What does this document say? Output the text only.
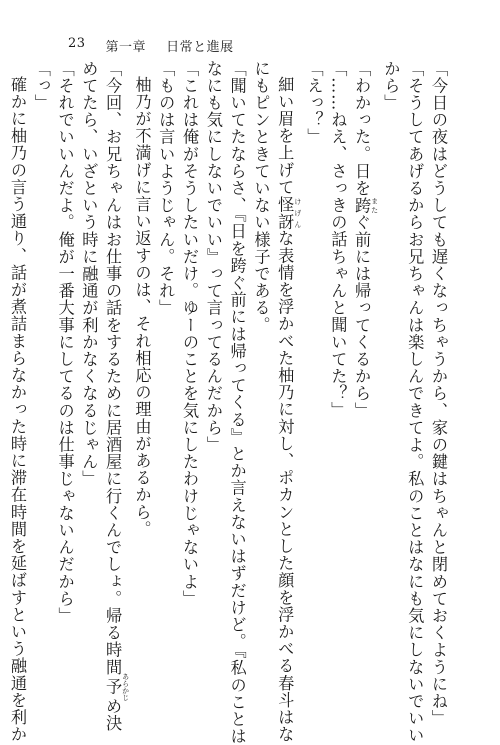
23 第一章 日常と進展
「今日の夜はどうしても遅くなっちゃうから、家の鍵はちゃんと閉めておくようにね」
「そうしてあげるからお兄ちゃんは楽しんできてよ。私のことはなにも気にしないでいい
から」
「わかった。日を跨 またぐ前には帰ってくるから」
「……ねえ、さっきの話ちゃんと聞いてた？」
「えっ？」
細い眉を上げて怪訝 けげんな表情を浮かべた柚乃に対し、ポカンとした顔を浮かべる春斗はな
にもピンときていない様子である。
「聞いてたならさ、『日を跨ぐ前には帰ってくる』とか言えないはずだけど。『私のことは
なにも気にしないでいい』って言ってるんだから」
「これは俺がそうしたいだけ。ゆーのことを気にしたわけじゃないよ」
「ものは言いようじゃん。それ」
柚乃が不満げに言い返すのは、それ相応の理由があるから。
「今回、お兄ちゃんはお仕事の話をするために居酒屋に行くんでしょ。帰る時間予 あらかじめ決
めてたら、いざという時に融通が利かなくなるじゃん」
「それでいいんだよ。俺が一番大事にしてるのは仕事じゃないんだから」
「っ」
確かに柚乃の言う通り、話が煮詰まらなかった時に滞在時間を延ばすという融通を利か
